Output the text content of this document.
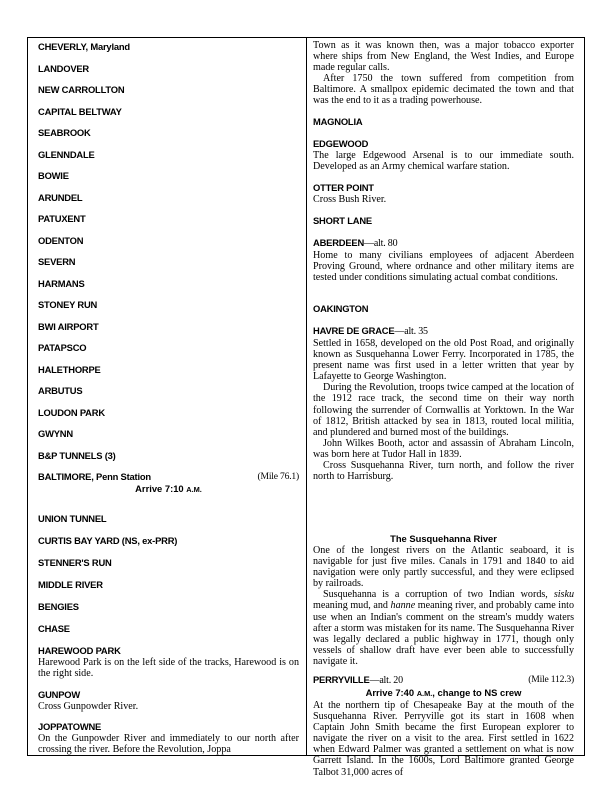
CHEVERLY, Maryland
LANDOVER
NEW CARROLLTON
CAPITAL BELTWAY
SEABROOK
GLENNDALE
BOWIE
ARUNDEL
PATUXENT
ODENTON
SEVERN
HARMANS
STONEY RUN
BWI AIRPORT
PATAPSCO
HALETHORPE
ARBUTUS
LOUDON PARK
GWYNN
B&P TUNNELS (3)
BALTIMORE, Penn Station	(Mile 76.1)
Arrive 7:10 A.M.
UNION TUNNEL
CURTIS BAY YARD (NS, ex-PRR)
STENNER'S RUN
MIDDLE RIVER
BENGIES
CHASE
HAREWOOD PARK

Harewood Park is on the left side of the tracks, Harewood is on the right side.

GUNPOW

Cross Gunpowder River.

JOPPATOWNE

On the Gunpowder River and immediately to our north after crossing the river. Before the Revolution, Joppa

Town as it was known then, was a major tobacco exporter where ships from New England, the West Indies, and Europe made regular calls.

After 1750 the town suffered from competition from Baltimore. A smallpox epidemic decimated the town and that was the end to it as a trading powerhouse.

MAGNOLIA
EDGEWOOD

The large Edgewood Arsenal is to our immediate south. Developed as an Army chemical warfare station.

OTTER POINT

Cross Bush River.

SHORT LANE
ABERDEEN—alt. 80

Home to many civilians employees of adjacent Aberdeen Proving Ground, where ordnance and other military items are tested under conditions simulating actual combat conditions.

OAKINGTON
HAVRE DE GRACE—alt. 35

Settled in 1658, developed on the old Post Road, and originally known as Susquehanna Lower Ferry. Incorporated in 1785, the present name was first used in a letter written that year by Lafayette to George Washington.

During the Revolution, troops twice camped at the location of the 1912 race track, the second time on their way north following the surrender of Cornwallis at Yorktown. In the War of 1812, British attacked by sea in 1813, routed local militia, and plundered and burned most of the buildings.

John Wilkes Booth, actor and assassin of Abraham Lincoln, was born here at Tudor Hall in 1839.

Cross Susquehanna River, turn north, and follow the river north to Harrisburg.

The Susquehanna River

One of the longest rivers on the Atlantic seaboard, it is navigable for just five miles. Canals in 1791 and 1840 to aid navigation were only partly successful, and they were eclipsed by railroads.

Susquehanna is a corruption of two Indian words, sisku meaning mud, and hanne meaning river, and probably came into use when an Indian's comment on the stream's muddy waters after a storm was mistaken for its name. The Susquehanna River was legally declared a public highway in 1771, though only vessels of shallow draft have ever been able to successfully navigate it.

PERRYVILLE—alt. 20	(Mile 112.3)
Arrive 7:40 A.M., change to NS crew

At the northern tip of Chesapeake Bay at the mouth of the Susquehanna River. Perryville got its start in 1608 when Captain John Smith became the first European explorer to navigate the river on a visit to the area. First settled in 1622 when Edward Palmer was granted a settlement on what is now Garrett Island. In the 1600s, Lord Baltimore granted George Talbot 31,000 acres of
